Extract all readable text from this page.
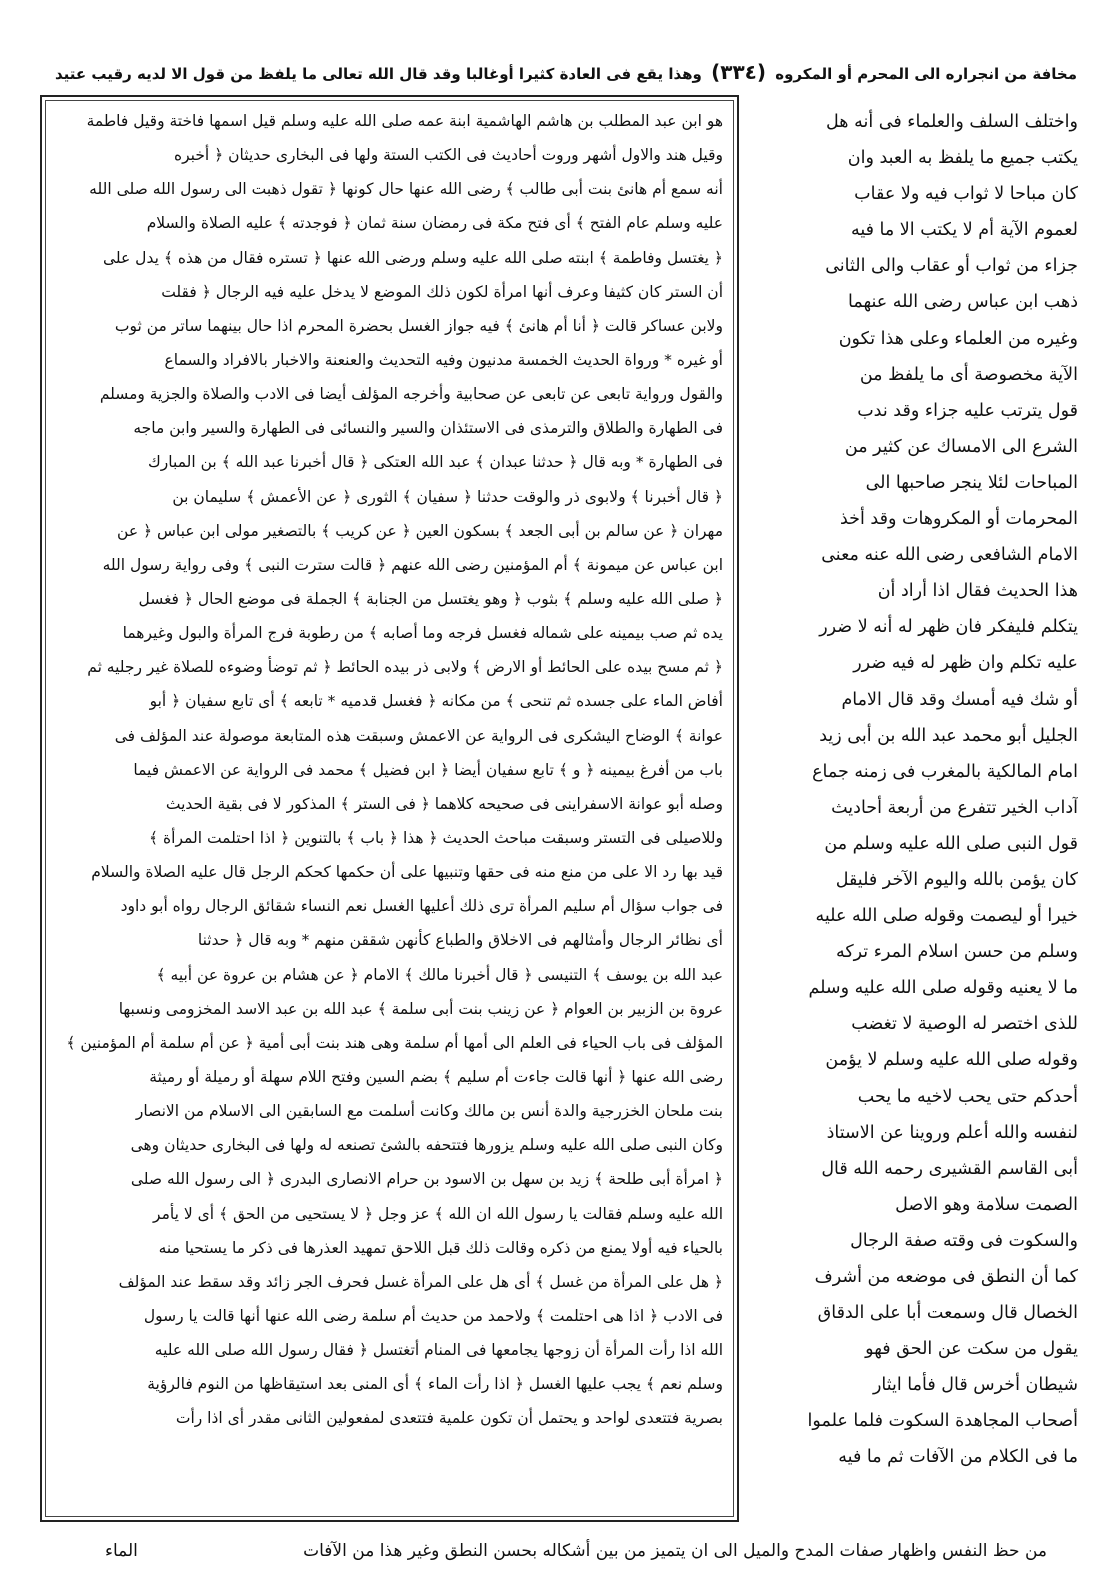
مخافة من انجراره الى المحرم أو المكروه (٣٣٤) وهذا يقع فى العادة كثيرا أوغالبا وقد قال الله تعالى ما يلفظ من قول الا لديه رقيب عتيد
هو ابن عبد المطلب بن هاشم الهاشمية ابنة عمه صلى الله عليه وسلم قيل اسمها فاختة وقيل فاطمة
وقيل هند والاول أشهر وروت أحاديث فى الكتب الستة ولها فى البخارى حديثان ﴿ أخبره
أنه سمع أم هانئ بنت أبى طالب ﴾ رضى الله عنها حال كونها ﴿ تقول ذهبت الى رسول الله صلى الله
عليه وسلم عام الفتح ﴾ أى فتح مكة فى رمضان سنة ثمان ﴿ فوجدته ﴾ عليه الصلاة والسلام
﴿ يغتسل وفاطمة ﴾ ابنته صلى الله عليه وسلم ورضى الله عنها ﴿ تستره فقال من هذه ﴾ يدل على
أن الستر كان كثيفا وعرف أنها امرأة لكون ذلك الموضع لا يدخل عليه فيه الرجال ﴿ فقلت
ولابن عساكر قالت ﴿ أنا أم هانئ ﴾ فيه جواز الغسل بحضرة المحرم اذا حال بينهما ساتر من ثوب
أو غيره * ورواة الحديث الخمسة مدنيون وفيه التحديث والعنعنة والاخبار بالافراد والسماع
والقول ورواية تابعى عن تابعى عن صحابية وأخرجه المؤلف أيضا فى الادب والصلاة والجزية ومسلم
فى الطهارة والطلاق والترمذى فى الاستئذان والسير والنسائى فى الطهارة والسير وابن ماجه
فى الطهارة * وبه قال ﴿ حدثنا عبدان ﴾ عبد الله العتكى ﴿ قال أخبرنا عبد الله ﴾ بن المبارك
﴿ قال أخبرنا ﴾ ولابوى ذر والوقت حدثنا ﴿ سفيان ﴾ الثورى ﴿ عن الأعمش ﴾ سليمان بن
مهران ﴿ عن سالم بن أبى الجعد ﴾ بسكون العين ﴿ عن كريب ﴾ بالتصغير مولى ابن عباس ﴿ عن
ابن عباس عن ميمونة ﴾ أم المؤمنين رضى الله عنهم ﴿ قالت سترت النبى ﴾ وفى رواية رسول الله
﴿ صلى الله عليه وسلم ﴾ بثوب ﴿ وهو يغتسل من الجنابة ﴾ الجملة فى موضع الحال ﴿ فغسل
يده ثم صب بيمينه على شماله فغسل فرجه وما أصابه ﴾ من رطوبة فرج المرأة والبول وغيرهما
﴿ ثم مسح بيده على الحائط أو الارض ﴾ ولابى ذر بيده الحائط ﴿ ثم توضأ وضوءه للصلاة غير رجليه ثم
أفاض الماء على جسده ثم تنحى ﴾ من مكانه ﴿ فغسل قدميه * تابعه ﴾ أى تابع سفيان ﴿ أبو
عوانة ﴾ الوضاح اليشكرى فى الرواية عن الاعمش وسبقت هذه المتابعة موصولة عند المؤلف فى
باب من أفرغ بيمينه ﴿ و ﴾ تابع سفيان أيضا ﴿ ابن فضيل ﴾ محمد فى الرواية عن الاعمش فيما
وصله أبو عوانة الاسفراينى فى صحيحه كلاهما ﴿ فى الستر ﴾ المذكور لا فى بقية الحديث
وللاصيلى فى التستر وسبقت مباحث الحديث ﴿ هذا ﴿ باب ﴾ بالتنوين ﴿ اذا احتلمت المرأة ﴾
قيد بها رد الا على من منع منه فى حقها وتنبيها على أن حكمها كحكم الرجل قال عليه الصلاة والسلام
فى جواب سؤال أم سليم المرأة ترى ذلك أعليها الغسل نعم النساء شقائق الرجال رواه أبو داود
أى نظائر الرجال وأمثالهم فى الاخلاق والطباع كأنهن شققن منهم * وبه قال ﴿ حدثنا
عبد الله بن يوسف ﴾ التنيسى ﴿ قال أخبرنا مالك ﴾ الامام ﴿ عن هشام بن عروة عن أبيه ﴾
عروة بن الزبير بن العوام ﴿ عن زينب بنت أبى سلمة ﴾ عبد الله بن عبد الاسد المخزومى ونسبها
المؤلف فى باب الحياء فى العلم الى أمها أم سلمة وهى هند بنت أبى أمية ﴿ عن أم سلمة أم المؤمنين ﴾
رضى الله عنها ﴿ أنها قالت جاءت أم سليم ﴾ بضم السين وفتح اللام سهلة أو رميلة أو رميثة
بنت ملحان الخزرجية والدة أنس بن مالك وكانت أسلمت مع السابقين الى الاسلام من الانصار
وكان النبى صلى الله عليه وسلم يزورها فتتحفه بالشئ تصنعه له ولها فى البخارى حديثان وهى
﴿ امرأة أبى طلحة ﴾ زيد بن سهل بن الاسود بن حرام الانصارى البدرى ﴿ الى رسول الله صلى
الله عليه وسلم فقالت يا رسول الله ان الله ﴾ عز وجل ﴿ لا يستحيى من الحق ﴾ أى لا يأمر
بالحياء فيه أولا يمنع من ذكره وقالت ذلك قبل اللاحق تمهيد العذرها فى ذكر ما يستحيا منه
﴿ هل على المرأة من غسل ﴾ أى هل على المرأة غسل فحرف الجر زائد وقد سقط عند المؤلف
فى الادب ﴿ اذا هى احتلمت ﴾ ولاحمد من حديث أم سلمة رضى الله عنها أنها قالت يا رسول
الله اذا رأت المرأة أن زوجها يجامعها فى المنام أتغتسل ﴿ فقال رسول الله صلى الله عليه
وسلم نعم ﴾ يجب عليها الغسل ﴿ اذا رأت الماء ﴾ أى المنى بعد استيقاظها من النوم فالرؤية
بصرية فتتعدى لواحد و يحتمل أن تكون علمية فتتعدى لمفعولين الثانى مقدر أى اذا رأت
واختلف السلف والعلماء فى أنه هل
يكتب جميع ما يلفظ به العبد وان
كان مباحا لا ثواب فيه ولا عقاب
لعموم الآية أم لا يكتب الا ما فيه
جزاء من ثواب أو عقاب والى الثانى
ذهب ابن عباس رضى الله عنهما
وغيره من العلماء وعلى هذا تكون
الآية مخصوصة أى ما يلفظ من
قول يترتب عليه جزاء وقد ندب
الشرع الى الامساك عن كثير من
المباحات لئلا ينجر صاحبها الى
المحرمات أو المكروهات وقد أخذ
الامام الشافعى رضى الله عنه معنى
هذا الحديث فقال اذا أراد أن
يتكلم فليفكر فان ظهر له أنه لا ضرر
عليه تكلم وان ظهر له فيه ضرر
أو شك فيه أمسك وقد قال الامام
الجليل أبو محمد عبد الله بن أبى زيد
امام المالكية بالمغرب فى زمنه جماع
آداب الخير تتفرع من أربعة أحاديث
قول النبى صلى الله عليه وسلم من
كان يؤمن بالله واليوم الآخر فليقل
خيرا أو ليصمت وقوله صلى الله عليه
وسلم من حسن اسلام المرء تركه
ما لا يعنيه وقوله صلى الله عليه وسلم
للذى اختصر له الوصية لا تغضب
وقوله صلى الله عليه وسلم لا يؤمن
أحدكم حتى يحب لاخيه ما يحب
لنفسه والله أعلم وروينا عن الاستاذ
أبى القاسم القشيرى رحمه الله قال
الصمت سلامة وهو الاصل
والسكوت فى وقته صفة الرجال
كما أن النطق فى موضعه من أشرف
الخصال قال وسمعت أبا على الدقاق
يقول من سكت عن الحق فهو
شيطان أخرس قال فأما ايثار
أصحاب المجاهدة السكوت فلما علموا
ما فى الكلام من الآفات ثم ما فيه
من حظ النفس واظهار صفات المدح والميل الى ان يتميز من بين أشكاله بحسن النطق وغير هذا من الآفات
الماء
